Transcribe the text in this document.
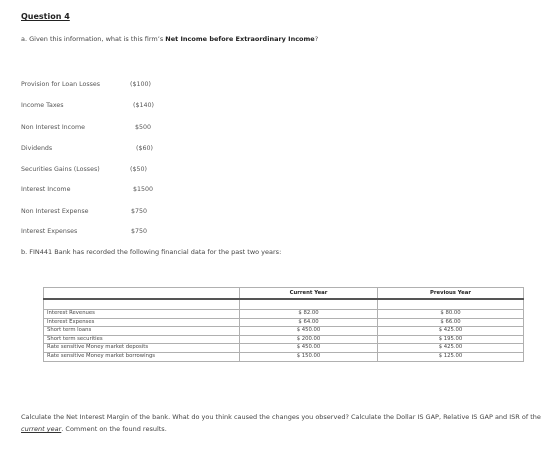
Question 4
a. Given this information, what is this firm’s Net Income before Extraordinary Income?
Provision for Loan Losses	($100)
Income Taxes	($140)
Non Interest Income	$500
Dividends	($60)
Securities Gains (Losses)	($50)
Interest Income	$1500
Non Interest Expense	$750
Interest Expenses	$750
b. FIN441 Bank has recorded the following financial data for the past two years:
	Current Year	Previous Year

Interest Revenues	$ 82.00	$ 80.00
Interest Expenses	$ 64.00	$ 66.00
Short term loans	$ 450.00	$ 425.00
Short term securities	$ 200.00	$ 195.00
Rate sensitive Money market deposits	$ 450.00	$ 425.00
Rate sensitive Money market borrowings	$ 150.00	$ 125.00
Calculate the Net Interest Margin of the bank. What do you think caused the changes you observed? Calculate the Dollar IS GAP, Relative IS GAP and ISR of the current year. Comment on the found results.
